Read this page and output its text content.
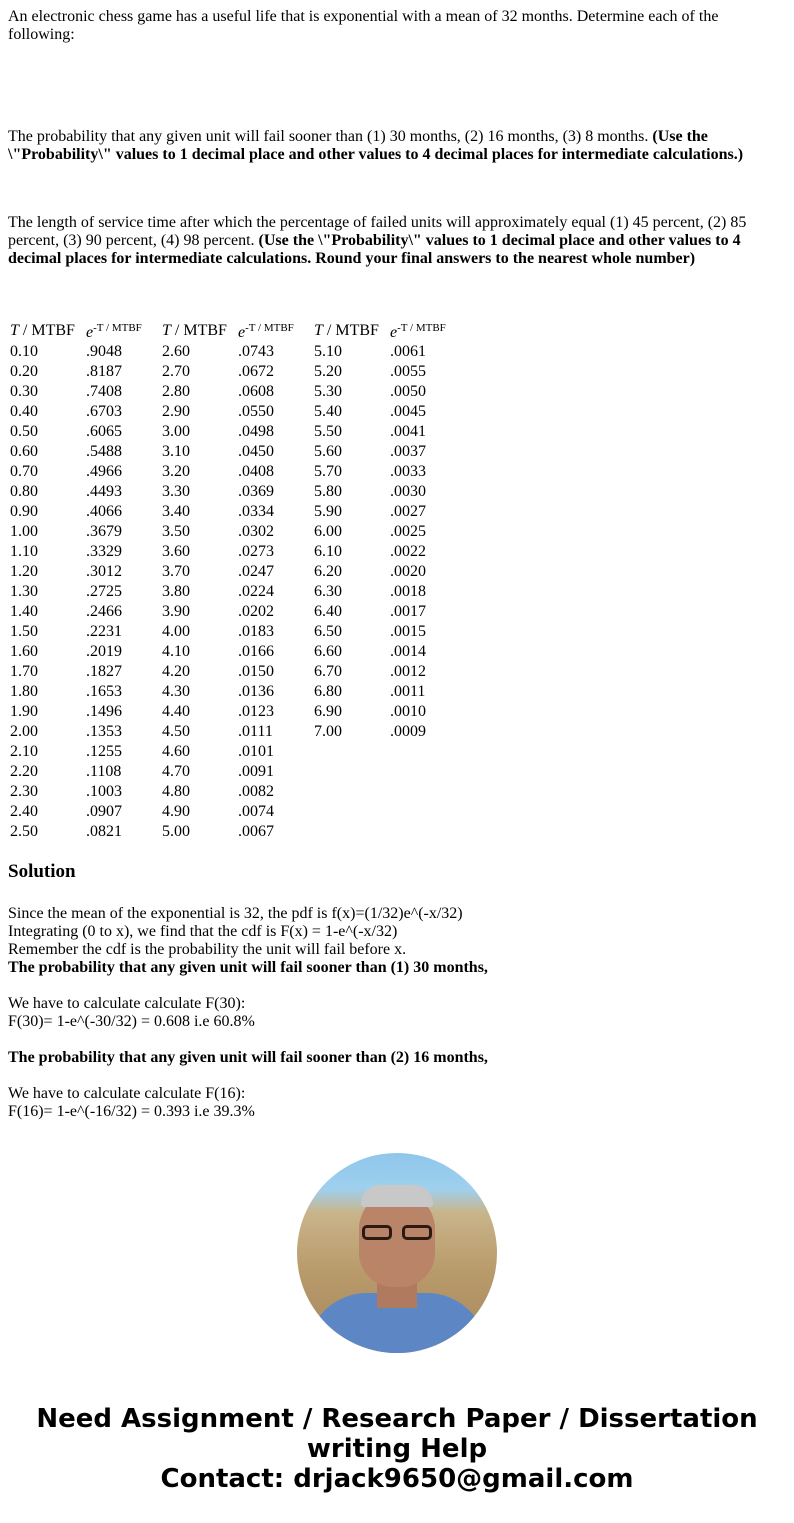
An electronic chess game has a useful life that is exponential with a mean of 32 months. Determine each of the following:

The probability that any given unit will fail sooner than (1) 30 months, (2) 16 months, (3) 8 months. (Use the \"Probability\" values to 1 decimal place and other values to 4 decimal places for intermediate calculations.)

The length of service time after which the percentage of failed units will approximately equal (1) 45 percent, (2) 85 percent, (3) 90 percent, (4) 98 percent. (Use the \"Probability\" values to 1 decimal place and other values to 4 decimal places for intermediate calculations. Round your final answers to the nearest whole number)

T / MTBF	$e^{-T / MTBF}$	T / MTBF	$e^{-T / MTBF}$	T / MTBF	$e^{-T / MTBF}$
0.10	.9048	2.60	.0743	5.10	.0061
0.20	.8187	2.70	.0672	5.20	.0055
0.30	.7408	2.80	.0608	5.30	.0050
0.40	.6703	2.90	.0550	5.40	.0045
0.50	.6065	3.00	.0498	5.50	.0041
0.60	.5488	3.10	.0450	5.60	.0037
0.70	.4966	3.20	.0408	5.70	.0033
0.80	.4493	3.30	.0369	5.80	.0030
0.90	.4066	3.40	.0334	5.90	.0027
1.00	.3679	3.50	.0302	6.00	.0025
1.10	.3329	3.60	.0273	6.10	.0022
1.20	.3012	3.70	.0247	6.20	.0020
1.30	.2725	3.80	.0224	6.30	.0018
1.40	.2466	3.90	.0202	6.40	.0017
1.50	.2231	4.00	.0183	6.50	.0015
1.60	.2019	4.10	.0166	6.60	.0014
1.70	.1827	4.20	.0150	6.70	.0012
1.80	.1653	4.30	.0136	6.80	.0011
1.90	.1496	4.40	.0123	6.90	.0010
2.00	.1353	4.50	.0111	7.00	.0009
2.10	.1255	4.60	.0101		
2.20	.1108	4.70	.0091		
2.30	.1003	4.80	.0082		
2.40	.0907	4.90	.0074		
2.50	.0821	5.00	.0067		
Solution
Since the mean of the exponential is 32, the pdf is f(x)=(1/32)e^(-x/32)
Integrating (0 to x), we find that the cdf is F(x) = 1-e^(-x/32)
Remember the cdf is the probability the unit will fail before x.
The probability that any given unit will fail sooner than (1) 30 months,
We have to calculate calculate F(30):
F(30)= 1-e^(-30/32) = 0.608 i.e 60.8%
The probability that any given unit will fail sooner than (2) 16 months,
We have to calculate calculate F(16):
F(16)= 1-e^(-16/32) = 0.393 i.e 39.3%
Need Assignment / Research Paper / Dissertation writing Help
Contact: drjack9650@gmail.com
